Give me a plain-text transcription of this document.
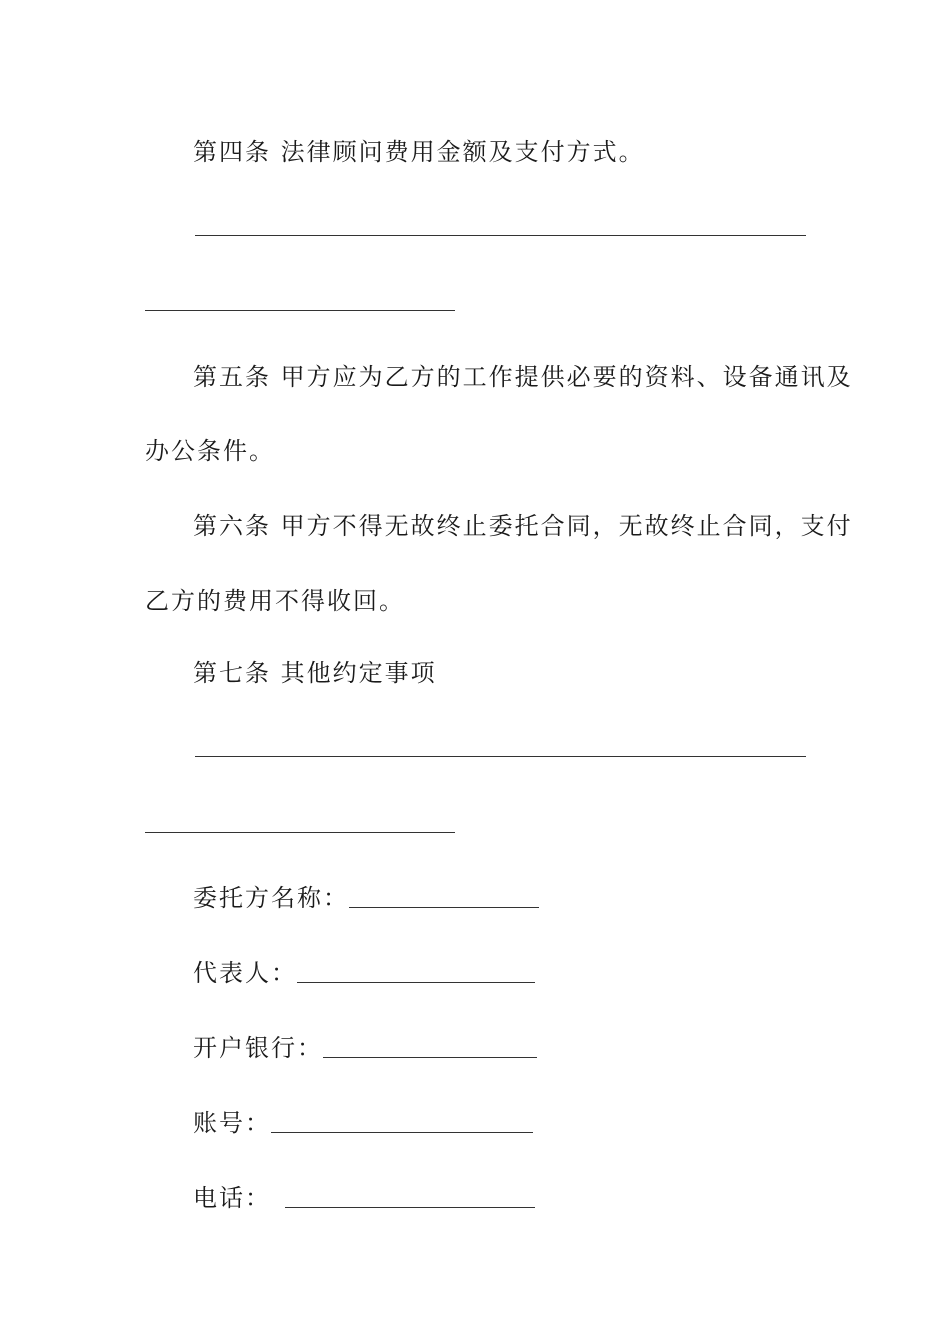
第四条 法律顾问费用金额及支付方式。
第五条 甲方应为乙方的工作提供必要的资料、设备通讯及
办公条件。
第六条 甲方不得无故终止委托合同，无故终止合同，支付
乙方的费用不得收回。
第七条 其他约定事项
委托方名称：
代表人：
开户银行：
账号：
电话：
